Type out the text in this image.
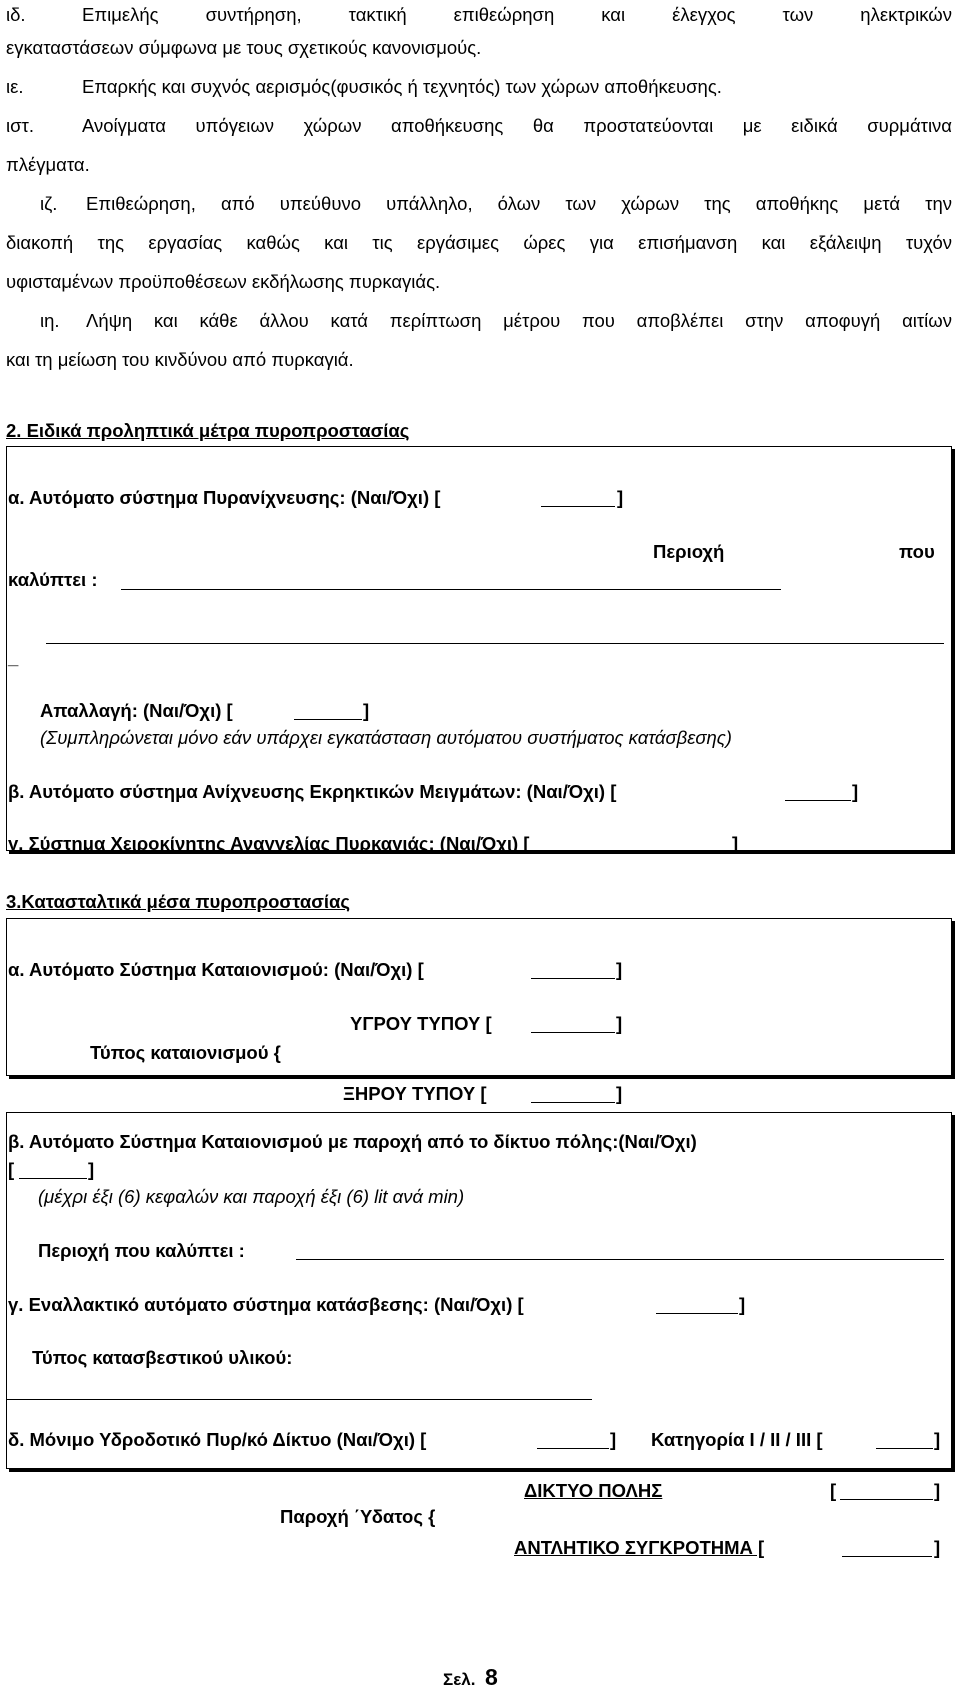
ιδ.	Επιμελής συντήρηση, τακτική επιθεώρηση και έλεγχος των ηλεκτρικών
εγκαταστάσεων σύμφωνα με τους σχετικούς κανονισμούς.
ιε.	Επαρκής και συχνός αερισμός(φυσικός ή τεχνητός) των χώρων αποθήκευσης.
ιστ.	Ανοίγματα υπόγειων χώρων αποθήκευσης θα προστατεύονται με ειδικά συρμάτινα
πλέγματα.
ιζ. Επιθεώρηση, από υπεύθυνο υπάλληλο, όλων των χώρων της αποθήκης μετά την
διακοπή της εργασίας καθώς και τις εργάσιμες ώρες για επισήμανση και εξάλειψη τυχόν
υφισταμένων προϋποθέσεων εκδήλωσης πυρκαγιάς.
ιη. Λήψη και κάθε άλλου κατά περίπτωση μέτρου που αποβλέπει στην αποφυγή αιτίων
και τη μείωση του κινδύνου από πυρκαγιά.
2. Ειδικά προληπτικά μέτρα πυροπροστασίας
α. Αυτόματο σύστημα Πυρανίχνευσης: (Ναι/Όχι) [	]
Περιοχή	που
καλύπτει :
_
Απαλλαγή: (Ναι/Όχι) [	]
(Συμπληρώνεται μόνο εάν υπάρχει εγκατάσταση αυτόματου συστήματος κατάσβεσης)
β. Αυτόματο σύστημα Ανίχνευσης Εκρηκτικών Μειγμάτων: (Ναι/Όχι) [	]
γ. Σύστημα Χειροκίνητης Αναγγελίας Πυρκαγιάς: (Ναι/Όχι) [	]
3.Κατασταλτικά μέσα πυροπροστασίας
α. Αυτόματο Σύστημα Καταιονισμού: (Ναι/Όχι) [	]
ΥΓΡΟΥ ΤΥΠΟΥ [	]
Τύπος καταιονισμού {
ΞΗΡΟΥ ΤΥΠΟΥ [	]
β. Αυτόματο Σύστημα Καταιονισμού με παροχή από το δίκτυο πόλης:(Ναι/Όχι)
[	]
(μέχρι έξι (6) κεφαλών και παροχή έξι (6) lit ανά min)
Περιοχή που καλύπτει :
γ. Εναλλακτικό αυτόματο σύστημα κατάσβεσης: (Ναι/Όχι) [	]
Τύπος κατασβεστικού υλικού:
δ. Μόνιμο Υδροδοτικό Πυρ/κό Δίκτυο (Ναι/Όχι) [	] Κατηγορία Ι / ΙΙ / ΙΙΙ [	]
ΔΙΚΤΥΟ ΠΟΛΗΣ	[	]
Παροχή ΄Υδατος {
ΑΝΤΛΗΤΙΚΟ ΣΥΓΚΡΟΤΗΜΑ [	]
Σελ. 8
